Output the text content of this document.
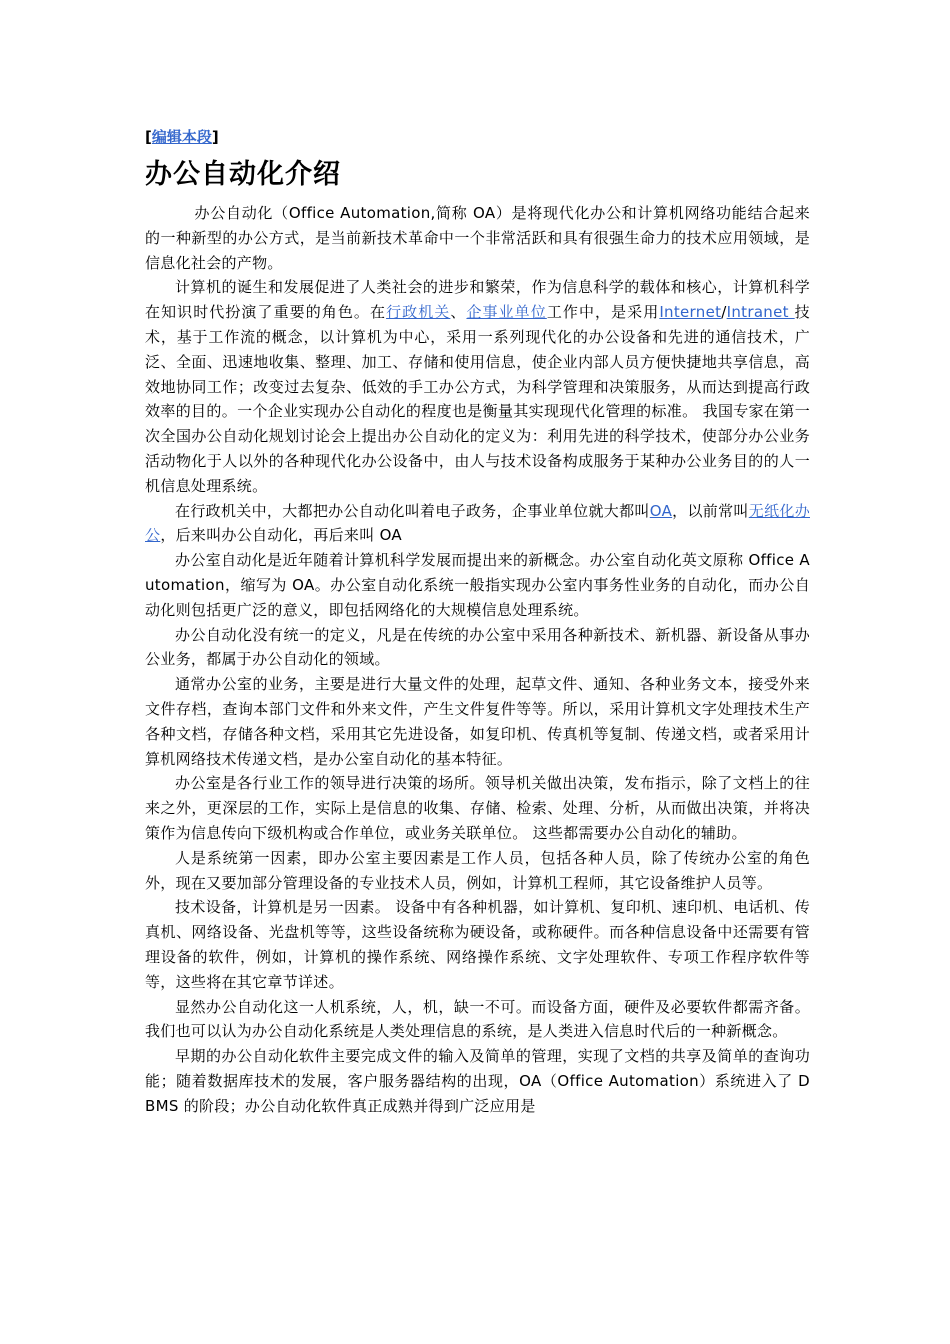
[编辑本段]
办公自动化介绍

办公自动化（Office Automation,简称 OA）是将现代化办公和计算机网络功能结合起来的一种新型的办公方式，是当前新技术革命中一个非常活跃和具有很强生命力的技术应用领域，是信息化社会的产物。

计算机的诞生和发展促进了人类社会的进步和繁荣，作为信息科学的载体和核心，计算机科学在知识时代扮演了重要的角色。在行政机关、企事业单位工作中，是采用Internet/Intranet 技术，基于工作流的概念，以计算机为中心，采用一系列现代化的办公设备和先进的通信技术，广泛、全面、迅速地收集、整理、加工、存储和使用信息，使企业内部人员方便快捷地共享信息，高效地协同工作；改变过去复杂、低效的手工办公方式，为科学管理和决策服务，从而达到提高行政效率的目的。一个企业实现办公自动化的程度也是衡量其实现现代化管理的标准。 我国专家在第一次全国办公自动化规划讨论会上提出办公自动化的定义为：利用先进的科学技术，使部分办公业务活动物化于人以外的各种现代化办公设备中，由人与技术设备构成服务于某种办公业务目的的人一机信息处理系统。

在行政机关中，大都把办公自动化叫着电子政务，企事业单位就大都叫OA，以前常叫无纸化办公，后来叫办公自动化，再后来叫 OA

办公室自动化是近年随着计算机科学发展而提出来的新概念。办公室自动化英文原称 Office Automation，缩写为 OA。办公室自动化系统一般指实现办公室内事务性业务的自动化，而办公自动化则包括更广泛的意义，即包括网络化的大规模信息处理系统。

办公自动化没有统一的定义，凡是在传统的办公室中采用各种新技术、新机器、新设备从事办公业务，都属于办公自动化的领域。

通常办公室的业务，主要是进行大量文件的处理，起草文件、通知、各种业务文本，接受外来文件存档，查询本部门文件和外来文件，产生文件复件等等。所以，采用计算机文字处理技术生产各种文档，存储各种文档，采用其它先进设备，如复印机、传真机等复制、传递文档，或者采用计算机网络技术传递文档，是办公室自动化的基本特征。

办公室是各行业工作的领导进行决策的场所。领导机关做出决策，发布指示，除了文档上的往来之外，更深层的工作，实际上是信息的收集、存储、检索、处理、分析，从而做出决策，并将决策作为信息传向下级机构或合作单位，或业务关联单位。 这些都需要办公自动化的辅助。

人是系统第一因素，即办公室主要因素是工作人员，包括各种人员，除了传统办公室的角色外，现在又要加部分管理设备的专业技术人员，例如，计算机工程师，其它设备维护人员等。

技术设备，计算机是另一因素。 设备中有各种机器，如计算机、复印机、速印机、电话机、传真机、网络设备、光盘机等等，这些设备统称为硬设备，或称硬件。而各种信息设备中还需要有管理设备的软件，例如，计算机的操作系统、网络操作系统、文字处理软件、专项工作程序软件等等，这些将在其它章节详述。

显然办公自动化这一人机系统，人，机，缺一不可。而设备方面，硬件及必要软件都需齐备。 我们也可以认为办公自动化系统是人类处理信息的系统，是人类进入信息时代后的一种新概念。

早期的办公自动化软件主要完成文件的输入及简单的管理，实现了文档的共享及简单的查询功能；随着数据库技术的发展，客户服务器结构的出现，OA（Office Automation）系统进入了 DBMS 的阶段；办公自动化软件真正成熟并得到广泛应用是
